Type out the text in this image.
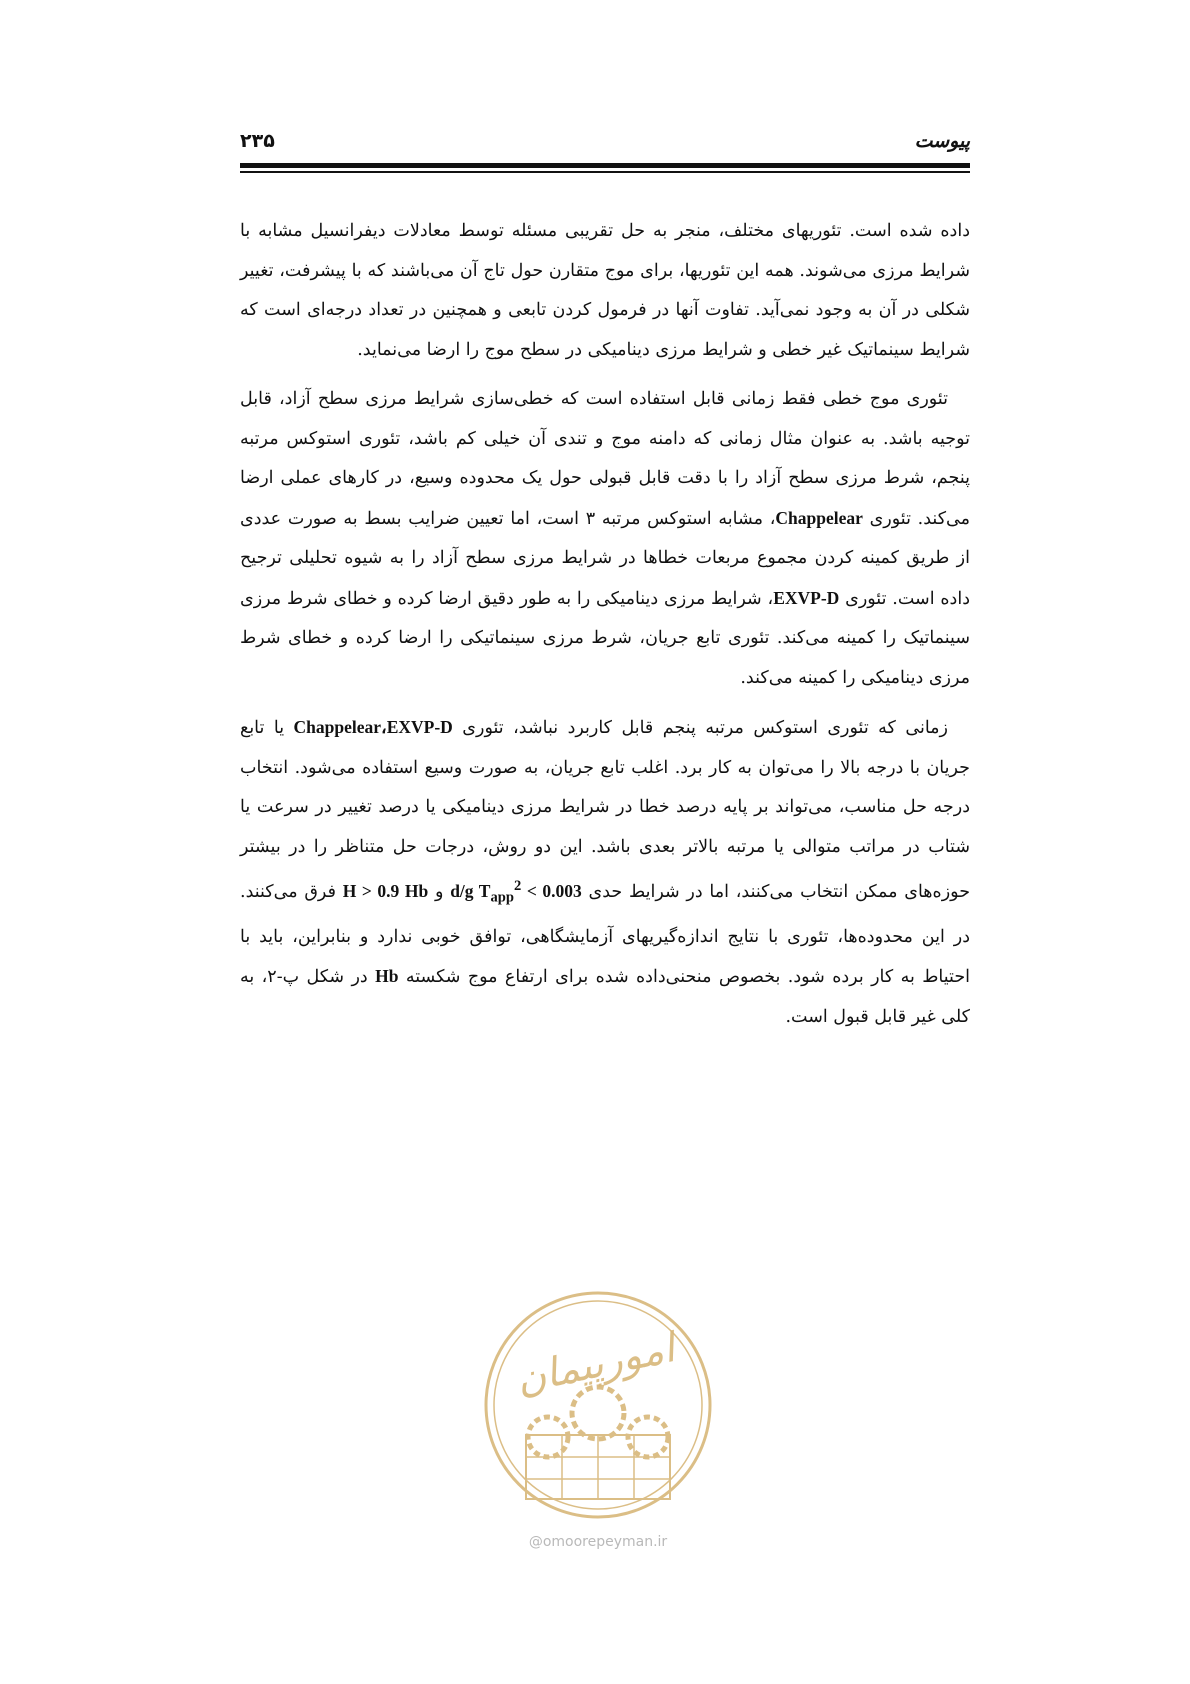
۲۳۵	پیوست

داده شده است. تئوریهای مختلف، منجر به حل تقریبی مسئله توسط معادلات دیفرانسیل مشابه با شرایط مرزی می‌شوند. همه این تئوریها، برای موج متقارن حول تاج آن می‌باشند که با پیشرفت، تغییر شکلی در آن به وجود نمی‌آید. تفاوت آنها در فرمول کردن تابعی و همچنین در تعداد درجه‌ای است که شرایط سینماتیک غیر خطی و شرایط مرزی دینامیکی در سطح موج را ارضا می‌نماید.

تئوری موج خطی فقط زمانی قابل استفاده است که خطی‌سازی شرایط مرزی سطح آزاد، قابل توجیه باشد. به عنوان مثال زمانی که دامنه موج و تندی آن خیلی کم باشد، تئوری استوکس مرتبه پنجم، شرط مرزی سطح آزاد را با دقت قابل قبولی حول یک محدوده وسیع، در کارهای عملی ارضا می‌کند. تئوری Chappelear، مشابه استوکس مرتبه ۳ است، اما تعیین ضرایب بسط به صورت عددی از طریق کمینه کردن مجموع مربعات خطاها در شرایط مرزی سطح آزاد را به شیوه تحلیلی ترجیح داده است. تئوری EXVP-D، شرایط مرزی دینامیکی را به طور دقیق ارضا کرده و خطای شرط مرزی سینماتیک را کمینه می‌کند. تئوری تابع جریان، شرط مرزی سینماتیکی را ارضا کرده و خطای شرط مرزی دینامیکی را کمینه می‌کند.

زمانی که تئوری استوکس مرتبه پنجم قابل کاربرد نباشد، تئوری Chappelear،EXVP-D یا تابع جریان با درجه بالا را می‌توان به کار برد. اغلب تابع جریان، به صورت وسیع استفاده می‌شود. انتخاب درجه حل مناسب، می‌تواند بر پایه درصد خطا در شرایط مرزی دینامیکی یا درصد تغییر در سرعت یا شتاب در مراتب متوالی یا مرتبه بالاتر بعدی باشد. این دو روش، درجات حل متناظر را در بیشتر حوزه‌های ممکن انتخاب می‌کنند، اما در شرایط حدی d/g $T_{app}^2 < 0.003$ و H > 0.9 Hb فرق می‌کنند. در این محدوده‌ها، تئوری با نتایج اندازه‌گیریهای آزمایشگاهی، توافق خوبی ندارد و بنابراین، باید با احتیاط به کار برده شود. بخصوص منحنی‌داده شده برای ارتفاع موج شکسته Hb در شکل پ-۲، به کلی غیر قابل قبول است.

امورپیمان
@omoorepeyman.ir
